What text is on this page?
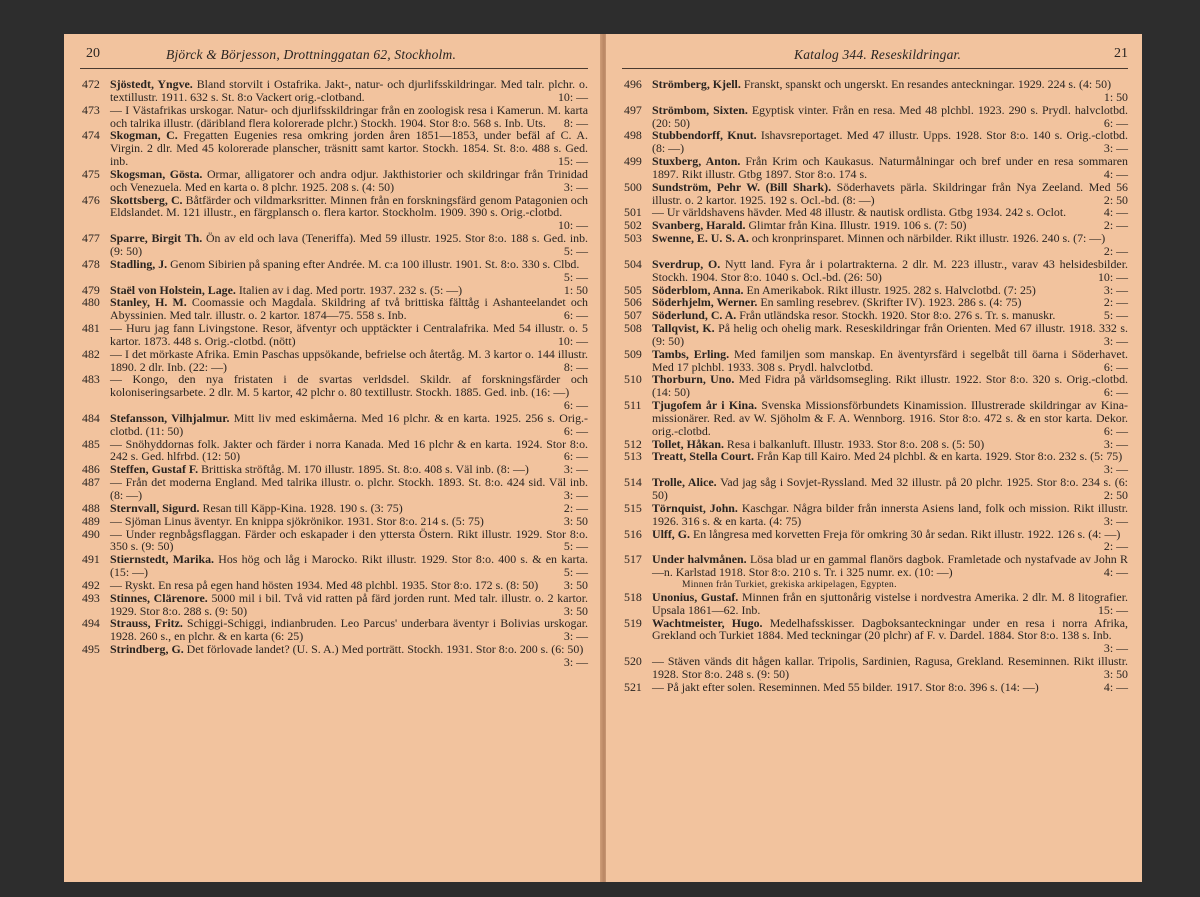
20	Björck & Börjesson, Drottninggatan 62, Stockholm.
472 Sjöstedt, Yngve. Bland storvilt i Ostafrika. Jakt-, natur- och djurlifsskildringar. Med talr. plchr. o. textillustr. 1911. 632 s. St. 8:o Vackert orig.-clotband.	10: —
473 — I Västafrikas urskogar. Natur- och djurlifsskildringar från en zoologisk resa i Kamerun. M. karta och talrika illustr. (däribland flera kolorerade plchr.) Stockh. 1904. Stor 8:o. 568 s. Inb. Uts.	8: —
474 Skogman, C. Fregatten Eugenies resa omkring jorden åren 1851—1853, under befäl af C. A. Virgin. 2 dlr. Med 45 kolorerade planscher, träsnitt samt kartor. Stockh. 1854. St. 8:o. 488 s. Ged. inb.	15: —
475 Skogsman, Gösta. Ormar, alligatorer och andra odjur. Jakthistorier och skildringar från Trinidad och Venezuela. Med en karta o. 8 plchr. 1925. 208 s. (4: 50)	3: —
476 Skottsberg, C. Båtfärder och vildmarksritter. Minnen från en forskningsfärd genom Patagonien och Eldslandet. M. 121 illustr., en färgplansch o. flera kartor. Stockholm. 1909. 390 s. Orig.-clotbd.
10: —
477 Sparre, Birgit Th. Ön av eld och lava (Teneriffa). Med 59 illustr. 1925. Stor 8:o. 188 s. Ged. inb. (9: 50)	5: —
478 Stadling, J. Genom Sibirien på spaning efter Andrée. M. c:a 100 illustr. 1901. St. 8:o. 330 s. Clbd.
5: —
479 Staël von Holstein, Lage. Italien av i dag. Med portr. 1937. 232 s. (5: —)	1: 50
480 Stanley, H. M. Coomassie och Magdala. Skildring af två brittiska fälttåg i Ashanteelandet och Abyssinien. Med talr. illustr. o. 2 kartor. 1874—75. 558 s. Inb.	6: —
481 — Huru jag fann Livingstone. Resor, äfventyr och upptäckter i Centralafrika. Med 54 illustr. o. 5 kartor. 1873. 448 s. Orig.-clotbd. (nött)	10: —
482 — I det mörkaste Afrika. Emin Paschas uppsökande, befrielse och återtåg. M. 3 kartor o. 144 illustr. 1890. 2 dlr. Inb. (22: —)	8: —
483 — Kongo, den nya fristaten i de svartas verldsdel. Skildr. af forskningsfärder och koloniseringsarbete. 2 dlr. M. 5 kartor, 42 plchr o. 80 textillustr. Stockh. 1885. Ged. inb. (16: —)
6: —
484 Stefansson, Vilhjalmur. Mitt liv med eskimåerna. Med 16 plchr. & en karta. 1925. 256 s. Orig.-clotbd. (11: 50)	6: —
485 — Snöhyddornas folk. Jakter och färder i norra Kanada. Med 16 plchr & en karta. 1924. Stor 8:o. 242 s. Ged. hlfrbd. (12: 50)	6: —
486 Steffen, Gustaf F. Brittiska ströftåg. M. 170 illustr. 1895. St. 8:o. 408 s. Väl inb. (8: —)	3: —
487 — Från det moderna England. Med talrika illustr. o. plchr. Stockh. 1893. St. 8:o. 424 sid. Väl inb. (8: —)	3: —
488 Sternvall, Sigurd. Resan till Käpp-Kina. 1928. 190 s. (3: 75)	2: —
489 — Sjöman Linus äventyr. En knippa sjökrönikor. 1931. Stor 8:o. 214 s. (5: 75)	3: 50
490 — Under regnbågsflaggan. Färder och eskapader i den yttersta Östern. Rikt illustr. 1929. Stor 8:o. 350 s. (9: 50)	5: —
491 Stiernstedt, Marika. Hos hög och låg i Marocko. Rikt illustr. 1929. Stor 8:o. 400 s. & en karta. (15: —)	5: —
492 — Ryskt. En resa på egen hand hösten 1934. Med 48 plchbl. 1935. Stor 8:o. 172 s. (8: 50)	3: 50
493 Stinnes, Clärenore. 5000 mil i bil. Två vid ratten på färd jorden runt. Med talr. illustr. o. 2 kartor. 1929. Stor 8:o. 288 s. (9: 50)	3: 50
494 Strauss, Fritz. Schiggi-Schiggi, indianbruden. Leo Parcus' underbara äventyr i Bolivias urskogar. 1928. 260 s., en plchr. & en karta (6: 25)	3: —
495 Strindberg, G. Det förlovade landet? (U. S. A.) Med porträtt. Stockh. 1931. Stor 8:o. 200 s. (6: 50)
3: —
Katalog 344. Reseskildringar.	21
496 Strömberg, Kjell. Franskt, spanskt och ungerskt. En resandes anteckningar. 1929. 224 s. (4: 50)
1: 50
497 Strömbom, Sixten. Egyptisk vinter. Från en resa. Med 48 plchbl. 1923. 290 s. Prydl. halvclotbd. (20: 50)	6: —
498 Stubbendorff, Knut. Ishavsreportaget. Med 47 illustr. Upps. 1928. Stor 8:o. 140 s. Orig.-clotbd. (8: —)	3: —
499 Stuxberg, Anton. Från Krim och Kaukasus. Naturmålningar och bref under en resa sommaren 1897. Rikt illustr. Gtbg 1897. Stor 8:o. 174 s.	4: —
500 Sundström, Pehr W. (Bill Shark). Söderhavets pärla. Skildringar från Nya Zeeland. Med 56 illustr. o. 2 kartor. 1925. 192 s. Ocl.-bd. (8: —)	2: 50
501 — Ur världshavens hävder. Med 48 illustr. & nautisk ordlista. Gtbg 1934. 242 s. Oclot.	4: —
502 Svanberg, Harald. Glimtar från Kina. Illustr. 1919. 106 s. (7: 50)	2: —
503 Swenne, E. U. S. A. och kronprinsparet. Minnen och närbilder. Rikt illustr. 1926. 240 s. (7: —)
2: —
504 Sverdrup, O. Nytt land. Fyra år i polartrakterna. 2 dlr. M. 223 illustr., varav 43 helsidesbilder. Stockh. 1904. Stor 8:o. 1040 s. Ocl.-bd. (26: 50)	10: —
505 Söderblom, Anna. En Amerikabok. Rikt illustr. 1925. 282 s. Halvclotbd. (7: 25)	3: —
506 Söderhjelm, Werner. En samling resebrev. (Skrifter IV). 1923. 286 s. (4: 75)	2: —
507 Söderlund, C. A. Från utländska resor. Stockh. 1920. Stor 8:o. 276 s. Tr. s. manuskr.	5: —
508 Tallqvist, K. På helig och ohelig mark. Reseskildringar från Orienten. Med 67 illustr. 1918. 332 s. (9: 50)	3: —
509 Tambs, Erling. Med familjen som manskap. En äventyrsfärd i segelbåt till öarna i Söderhavet. Med 17 plchbl. 1933. 308 s. Prydl. halvclotbd.	6: —
510 Thorburn, Uno. Med Fidra på världsomsegling. Rikt illustr. 1922. Stor 8:o. 320 s. Orig.-clotbd. (14: 50)	6: —
511 Tjugofem år i Kina. Svenska Missionsförbundets Kinamission. Illustrerade skildringar av Kina-missionärer. Red. av W. Sjöholm & F. A. Wennborg. 1916. Stor 8:o. 472 s. & en stor karta. Dekor. orig.-clotbd.	6: —
512 Tollet, Håkan. Resa i balkanluft. Illustr. 1933. Stor 8:o. 208 s. (5: 50)	3: —
513 Treatt, Stella Court. Från Kap till Kairo. Med 24 plchbl. & en karta. 1929. Stor 8:o. 232 s. (5: 75)
3: —
514 Trolle, Alice. Vad jag såg i Sovjet-Ryssland. Med 32 illustr. på 20 plchr. 1925. Stor 8:o. 234 s. (6: 50)	2: 50
515 Törnquist, John. Kaschgar. Några bilder från innersta Asiens land, folk och mission. Rikt illustr. 1926. 316 s. & en karta. (4: 75)	3: —
516 Ulff, G. En långresa med korvetten Freja för omkring 30 år sedan. Rikt illustr. 1922. 126 s. (4: —)
2: —
517 Under halvmånen. Lösa blad ur en gammal flanörs dagbok. Framletade och nystafvade av John R—n. Karlstad 1918. Stor 8:o. 210 s. Tr. i 325 numr. ex. (10: —)	4: —
Minnen från Turkiet, grekiska arkipelagen, Egypten.
518 Unonius, Gustaf. Minnen från en sjuttonårig vistelse i nordvestra Amerika. 2 dlr. M. 8 litografier. Upsala 1861—62. Inb.	15: —
519 Wachtmeister, Hugo. Medelhafsskisser. Dagboksanteckningar under en resa i norra Afrika, Grekland och Turkiet 1884. Med teckningar (20 plchr) af F. v. Dardel. 1884. Stor 8:o. 138 s. Inb.
3: —
520 — Stäven vänds dit hågen kallar. Tripolis, Sardinien, Ragusa, Grekland. Reseminnen. Rikt illustr. 1928. Stor 8:o. 248 s. (9: 50)	3: 50
521 — På jakt efter solen. Reseminnen. Med 55 bilder. 1917. Stor 8:o. 396 s. (14: —)	4: —
